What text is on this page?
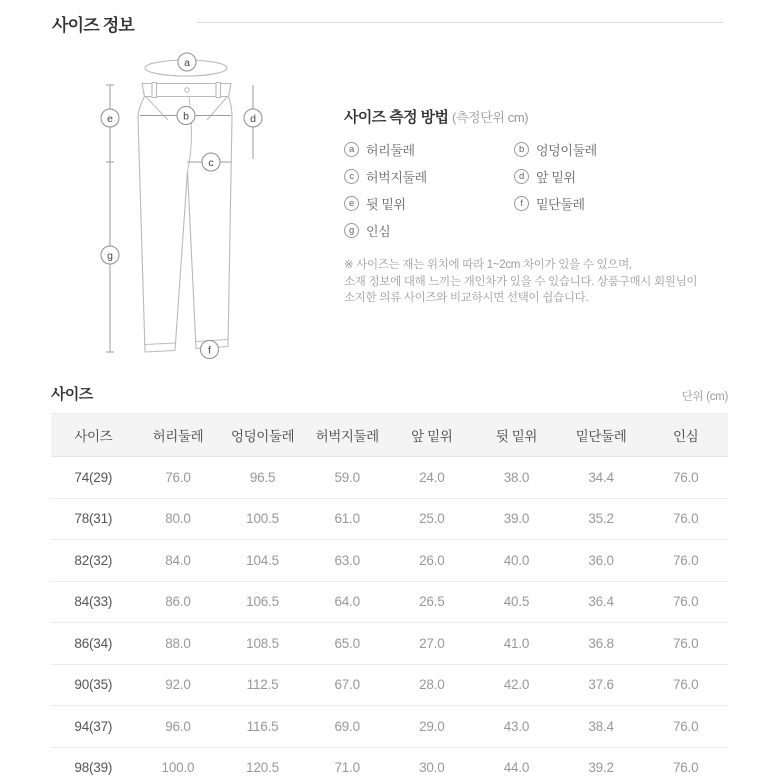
사이즈 정보
a
b
c
d
e
f
g
사이즈 측정 방법 (측정단위 cm)
a 허리둘레	b 엉덩이둘레
c 허벅지둘레	d 앞 밑위
e 뒷 밑위	f	밑단둘레
g 인심
※ 사이즈는 재는 위치에 따라 1~2cm 차이가 있을 수 있으며,
소재 정보에 대해 느끼는 개인차가 있을 수 있습니다. 상품구매시 회원님이
소지한 의류 사이즈와 비교하시면 선택이 쉽습니다.
사이즈	단위 (cm)
사이즈	허리둘레	엉덩이둘레	허벅지둘레	앞 밑위	뒷 밑위	밑단둘레	인심
74(29)	76.0	96.5	59.0	24.0	38.0	34.4	76.0
78(31)	80.0	100.5	61.0	25.0	39.0	35.2	76.0
82(32)	84.0	104.5	63.0	26.0	40.0	36.0	76.0
84(33)	86.0	106.5	64.0	26.5	40.5	36.4	76.0
86(34)	88.0	108.5	65.0	27.0	41.0	36.8	76.0
90(35)	92.0	112.5	67.0	28.0	42.0	37.6	76.0
94(37)	96.0	116.5	69.0	29.0	43.0	38.4	76.0
98(39)	100.0	120.5	71.0	30.0	44.0	39.2	76.0
